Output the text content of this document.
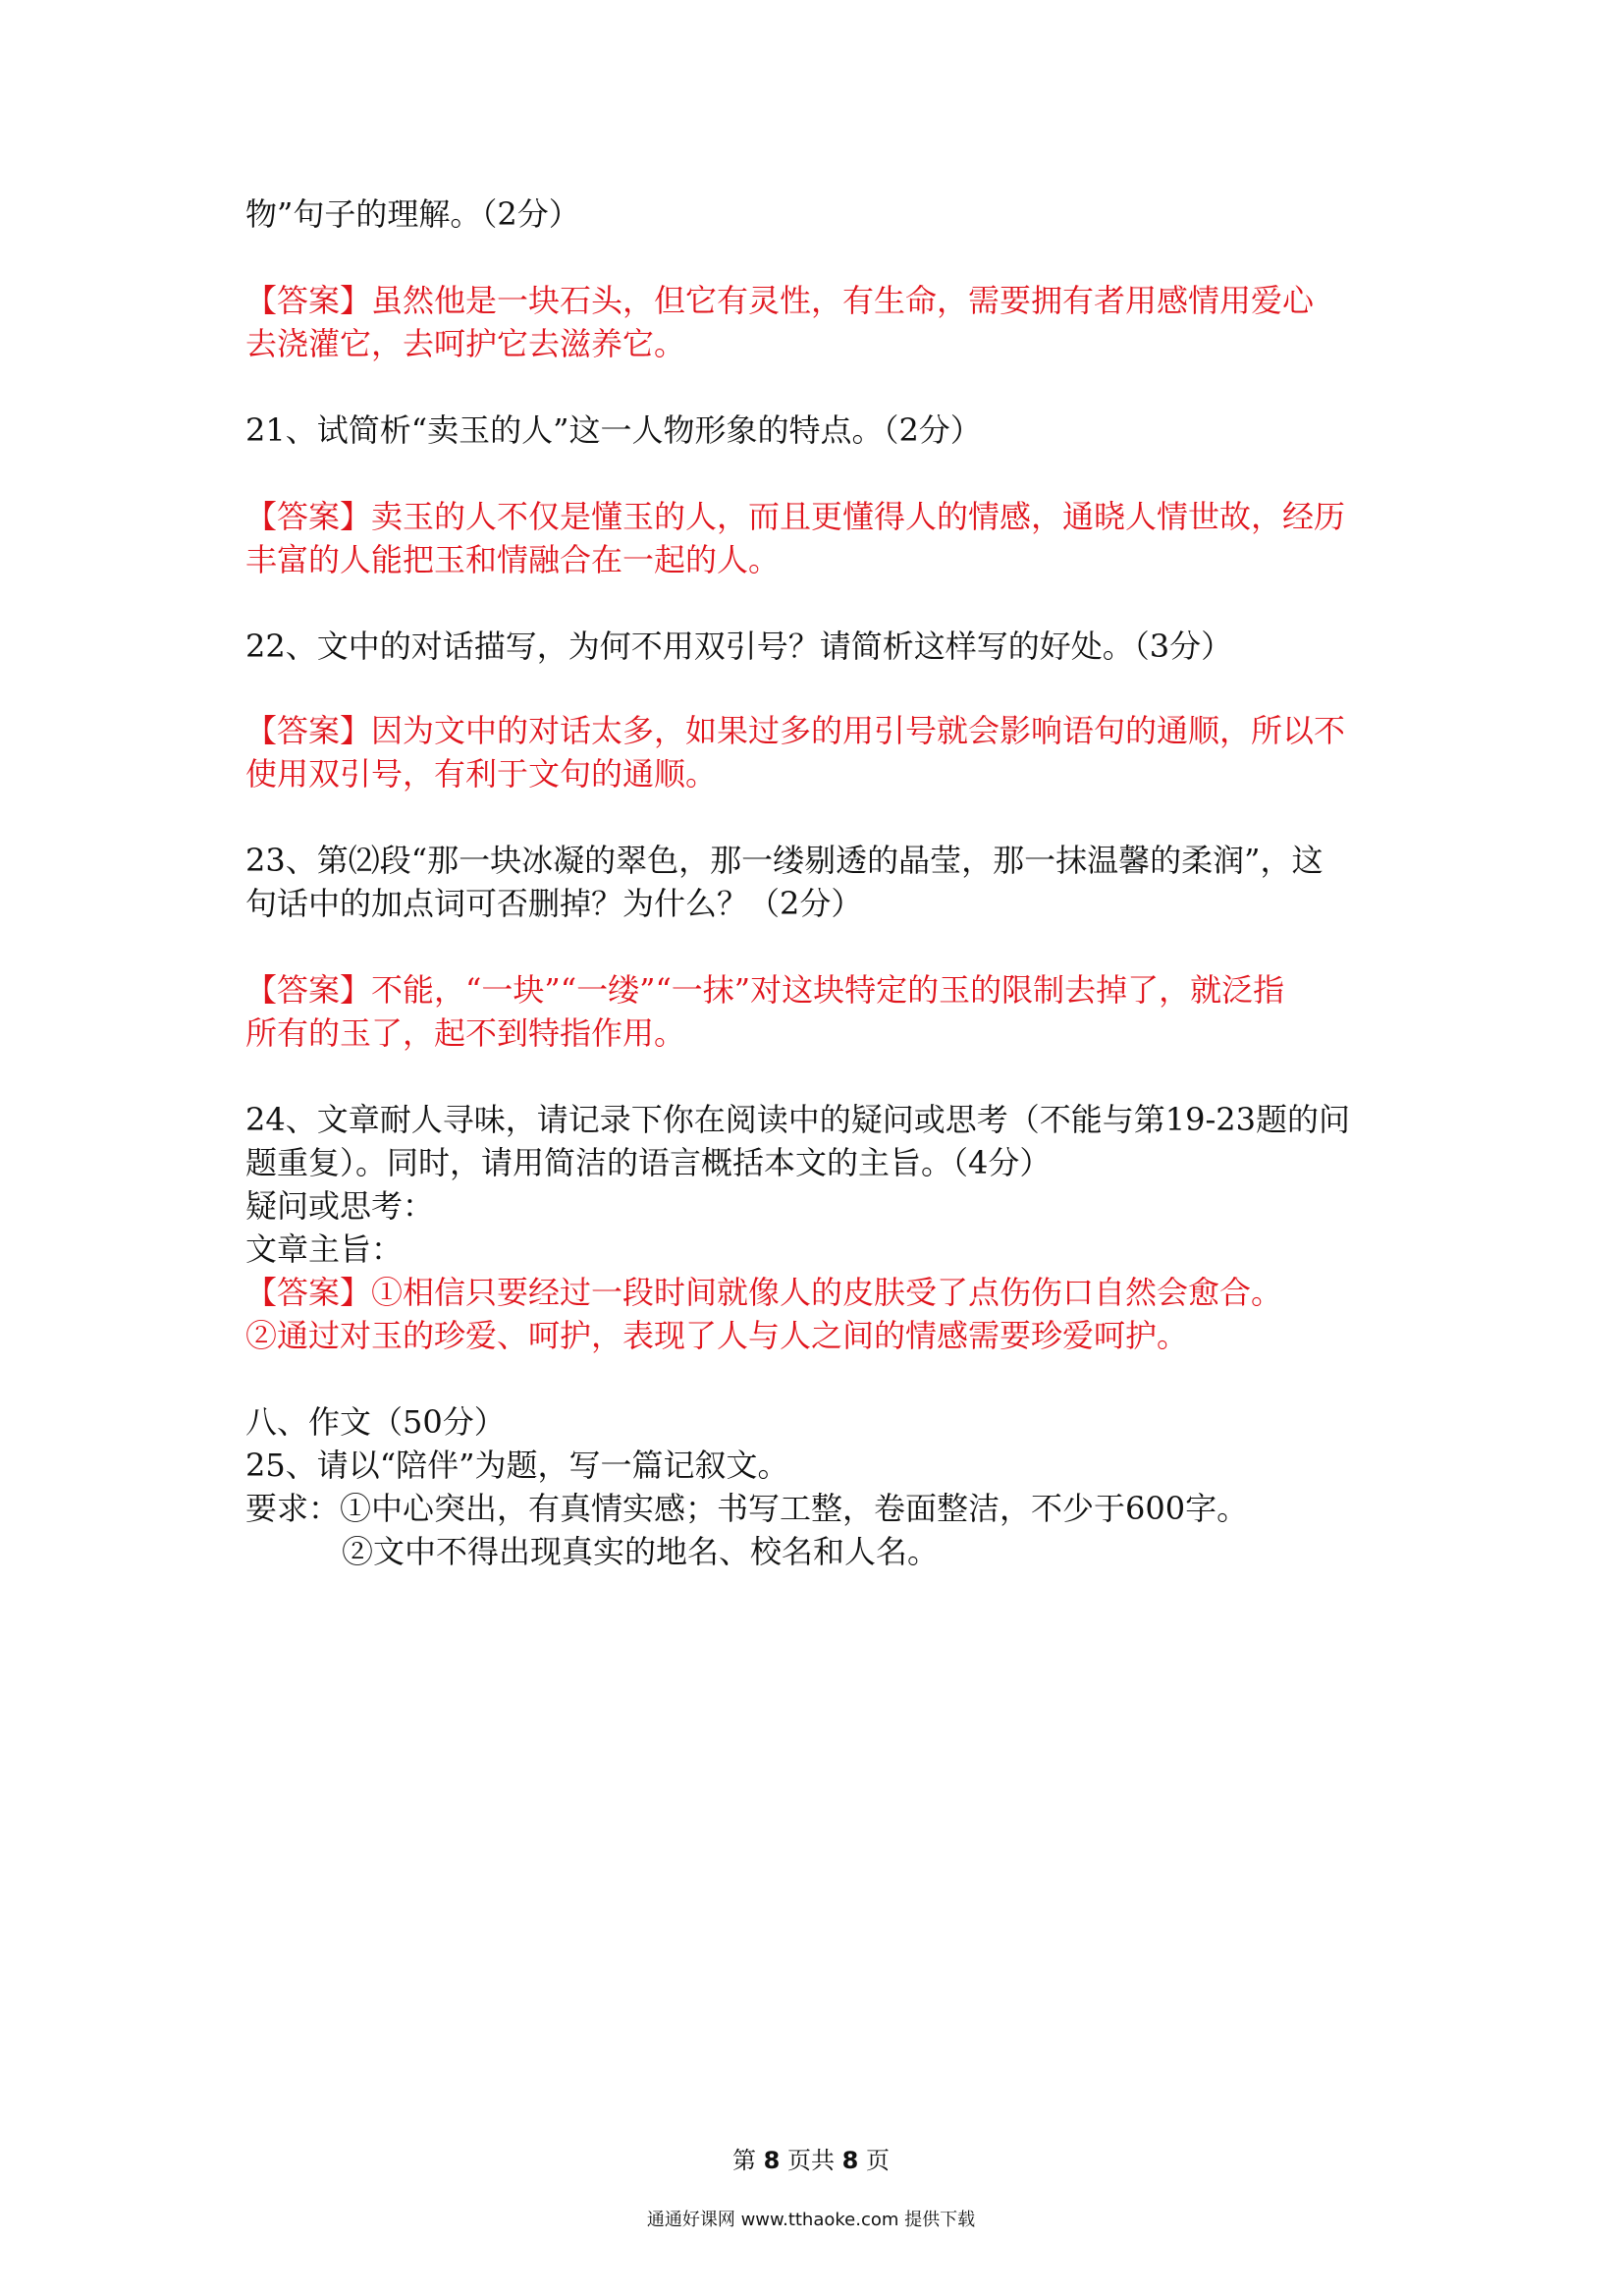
物”句子的理解。（2分）
【答案】虽然他是一块石头，但它有灵性，有生命，需要拥有者用感情用爱心
去浇灌它，去呵护它去滋养它。
21、试简析“卖玉的人”这一人物形象的特点。（2分）
【答案】卖玉的人不仅是懂玉的人，而且更懂得人的情感，通晓人情世故，经历
丰富的人能把玉和情融合在一起的人。
22、文中的对话描写，为何不用双引号？请简析这样写的好处。（3分）
【答案】因为文中的对话太多，如果过多的用引号就会影响语句的通顺，所以不
使用双引号，有利于文句的通顺。
23、第⑵段“那一块冰凝的翠色，那一缕剔透的晶莹，那一抹温馨的柔润”，这
句话中的加点词可否删掉？为什么？（2分）
【答案】不能，“一块”“一缕”“一抹”对这块特定的玉的限制去掉了，就泛指
所有的玉了，起不到特指作用。
24、文章耐人寻味，请记录下你在阅读中的疑问或思考（不能与第19-23题的问
题重复）。同时，请用简洁的语言概括本文的主旨。（4分）
疑问或思考：
文章主旨：
【答案】①相信只要经过一段时间就像人的皮肤受了点伤伤口自然会愈合。
②通过对玉的珍爱、呵护，表现了人与人之间的情感需要珍爱呵护。
八、作文（50分）
25、请以“陪伴”为题，写一篇记叙文。
要求：①中心突出，有真情实感；书写工整，卷面整洁，不少于600字。
②文中不得出现真实的地名、校名和人名。
第 8 页共 8 页
通通好课网 www.tthaoke.com 提供下载
